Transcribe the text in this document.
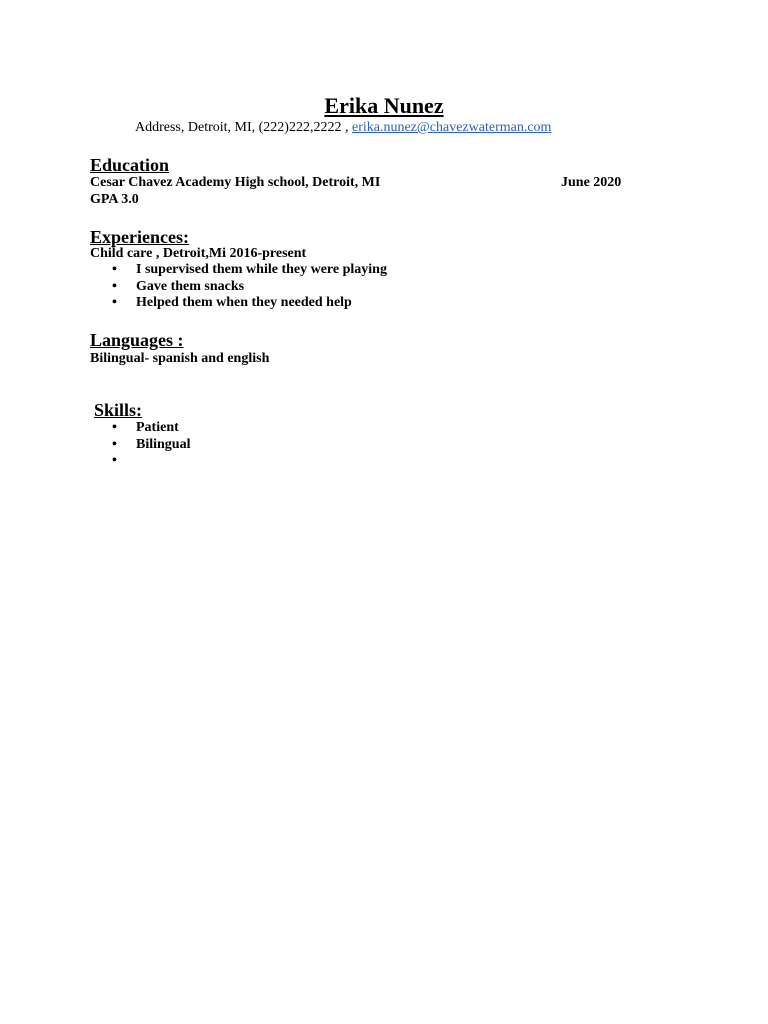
Erika Nunez
Address, Detroit, MI, (222)222,2222 , erika.nunez@chavezwaterman.com
Education
Cesar Chavez Academy High school, Detroit, MI	June 2020
GPA 3.0
Experiences:
Child care , Detroit,Mi 2016-present
•	I supervised them while they were playing
•	Gave them snacks
•	Helped them when they needed help
Languages :
Bilingual- spanish and english
Skills:
•	Patient
•	Bilingual
•
